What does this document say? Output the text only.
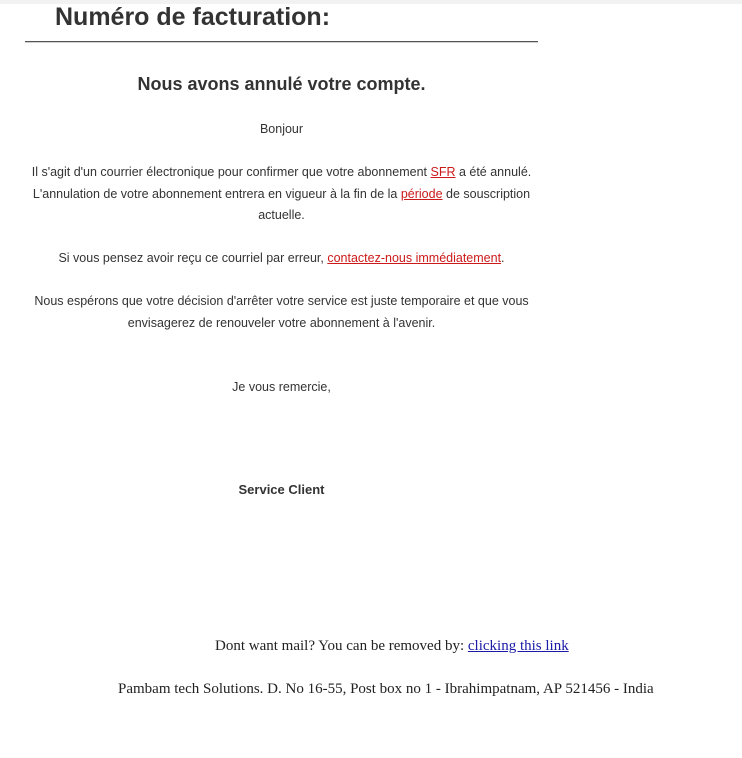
Numéro de facturation:
Nous avons annulé votre compte.

Bonjour

Il s'agit d'un courrier électronique pour confirmer que votre abonnement SFR a été annulé. L'annulation de votre abonnement entrera en vigueur à la fin de la période de souscription actuelle.

Si vous pensez avoir reçu ce courriel par erreur, contactez-nous immédiatement.

Nous espérons que votre décision d'arrêter votre service est juste temporaire et que vous envisagerez de renouveler votre abonnement à l'avenir.

Je vous remercie,

Service Client

Dont want mail? You can be removed by: clicking this link

Pambam tech Solutions. D. No 16-55, Post box no 1 - Ibrahimpatnam, AP 521456 - India
